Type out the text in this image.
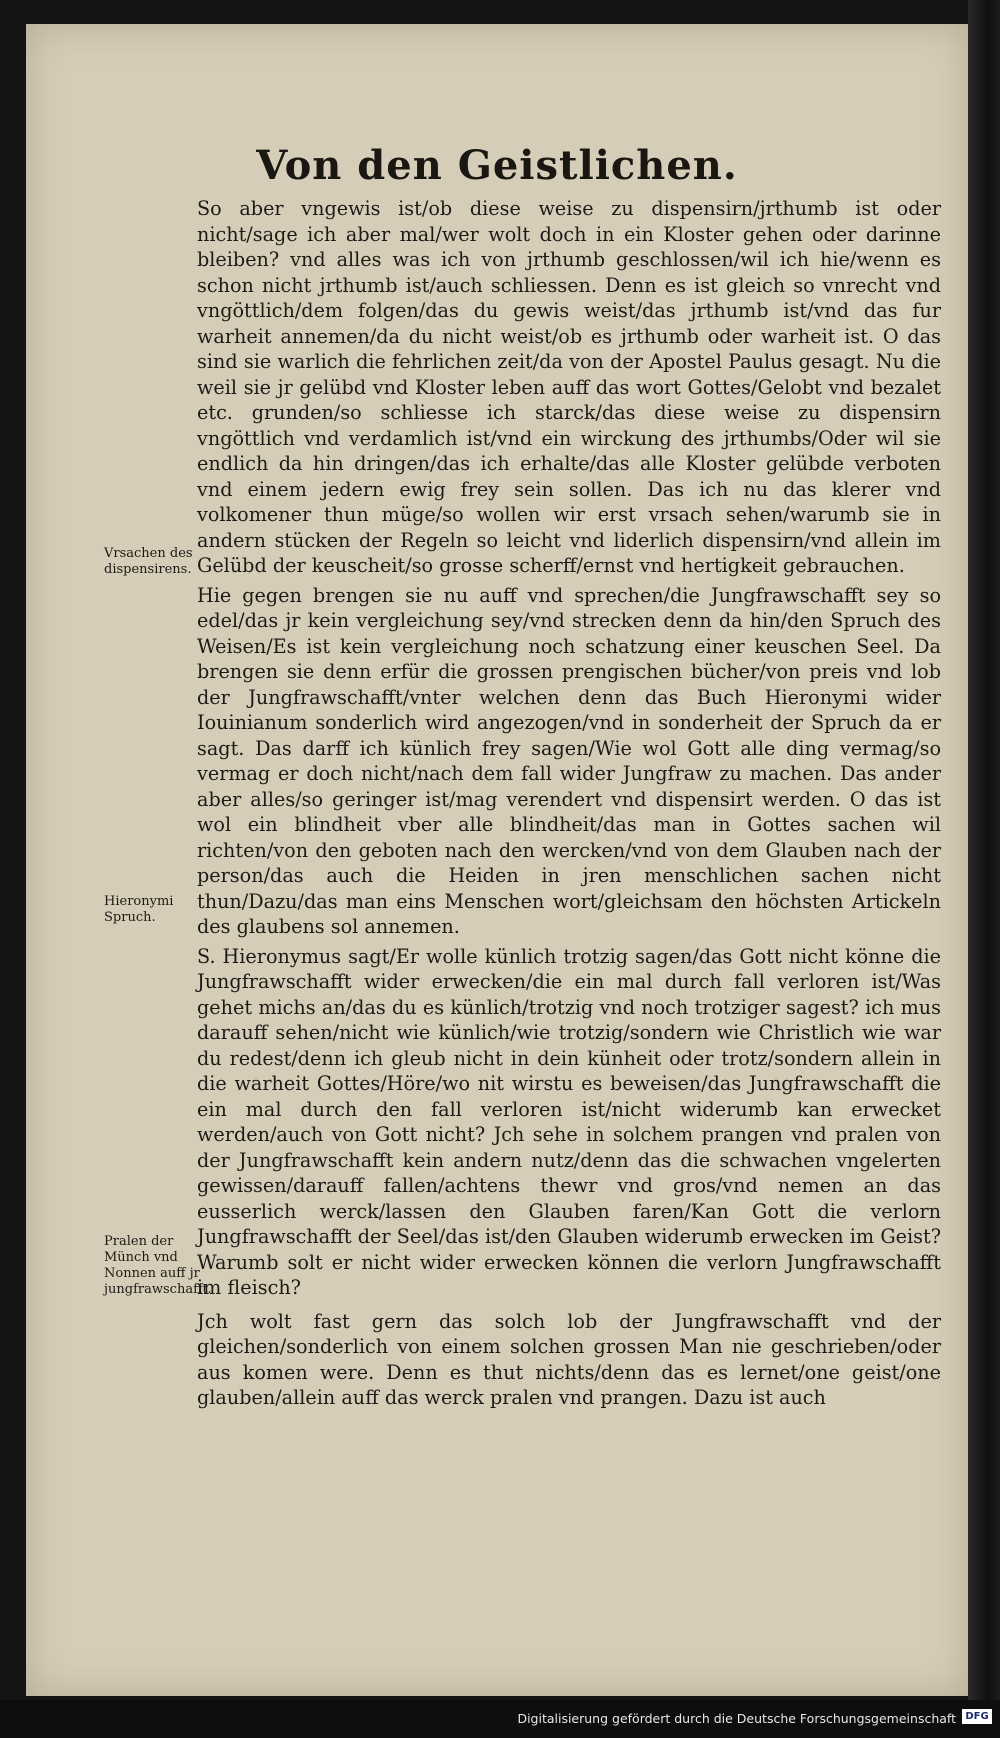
Von den Geistlichen.

So aber vngewis ist/ob diese weise zu dispensirn/jrthumb ist oder nicht/sage ich aber mal/wer wolt doch in ein Kloster gehen oder darinne bleiben? vnd alles was ich von jrthumb geschlossen/wil ich hie/wenn es schon nicht jrthumb ist/auch schliessen. Denn es ist gleich so vnrecht vnd vngöttlich/dem folgen/das du gewis weist/das jrthumb ist/vnd das fur warheit annemen/da du nicht weist/ob es jrthumb oder warheit ist. O das sind sie warlich die fehrlichen zeit/da von der Apostel Paulus gesagt. Nu die weil sie jr gelübd vnd Kloster leben auff das wort Gottes/Gelobt vnd bezalet etc. grunden/so schliesse ich starck/das diese weise zu dispensirn vngöttlich vnd verdamlich ist/vnd ein wirckung des jrthumbs/Oder wil sie endlich da hin dringen/das ich erhalte/das alle Kloster gelübde verboten vnd einem jedern ewig frey sein sollen. Das ich nu das klerer vnd volkomener thun müge/so wollen wir erst vrsach sehen/warumb sie in andern stücken der Regeln so leicht vnd liderlich dispensirn/vnd allein im Gelübd der keuscheit/so grosse scherff/ernst vnd hertigkeit gebrauchen.

Hie gegen brengen sie nu auff vnd sprechen/die Jungfrawschafft sey so edel/das jr kein vergleichung sey/vnd strecken denn da hin/den Spruch des Weisen/Es ist kein vergleichung noch schatzung einer keuschen Seel. Da brengen sie denn erfür die grossen prengischen bücher/von preis vnd lob der Jungfrawschafft/vnter welchen denn das Buch Hieronymi wider Iouinianum sonderlich wird angezogen/vnd in sonderheit der Spruch da er sagt. Das darff ich künlich frey sagen/Wie wol Gott alle ding vermag/so vermag er doch nicht/nach dem fall wider Jungfraw zu machen. Das ander aber alles/so geringer ist/mag verendert vnd dispensirt werden. O das ist wol ein blindheit vber alle blindheit/das man in Gottes sachen wil richten/von den geboten nach den wercken/vnd von dem Glauben nach der person/das auch die Heiden in jren menschlichen sachen nicht thun/Dazu/das man eins Menschen wort/gleichsam den höchsten Artickeln des glaubens sol annemen.

S. Hieronymus sagt/Er wolle künlich trotzig sagen/das Gott nicht könne die Jungfrawschafft wider erwecken/die ein mal durch fall verloren ist/Was gehet michs an/das du es künlich/trotzig vnd noch trotziger sagest? ich mus darauff sehen/nicht wie künlich/wie trotzig/sondern wie Christlich wie war du redest/denn ich gleub nicht in dein künheit oder trotz/sondern allein in die warheit Gottes/Höre/wo nit wirstu es beweisen/das Jungfrawschafft die ein mal durch den fall verloren ist/nicht widerumb kan erwecket werden/auch von Gott nicht? Jch sehe in solchem prangen vnd pralen von der Jungfrawschafft kein andern nutz/denn das die schwachen vngelerten gewissen/darauff fallen/achtens thewr vnd gros/vnd nemen an das eusserlich werck/lassen den Glauben faren/Kan Gott die verlorn Jungfrawschafft der Seel/das ist/den Glauben widerumb erwecken im Geist? Warumb solt er nicht wider erwecken können die verlorn Jungfrawschafft im fleisch?

Jch wolt fast gern das solch lob der Jungfrawschafft vnd der gleichen/sonderlich von einem solchen grossen Man nie geschrieben/oder aus komen were. Denn es thut nichts/denn das es lernet/one geist/one glauben/allein auff das werck pralen vnd prangen. Dazu ist auch

Vrsachen des dispensirens.
Hieronymi Spruch.
Pralen der Münch vnd Nonnen auff jr jungfrawschafft.
Digitalisierung gefördert durch die Deutsche Forschungsgemeinschaft DFG
